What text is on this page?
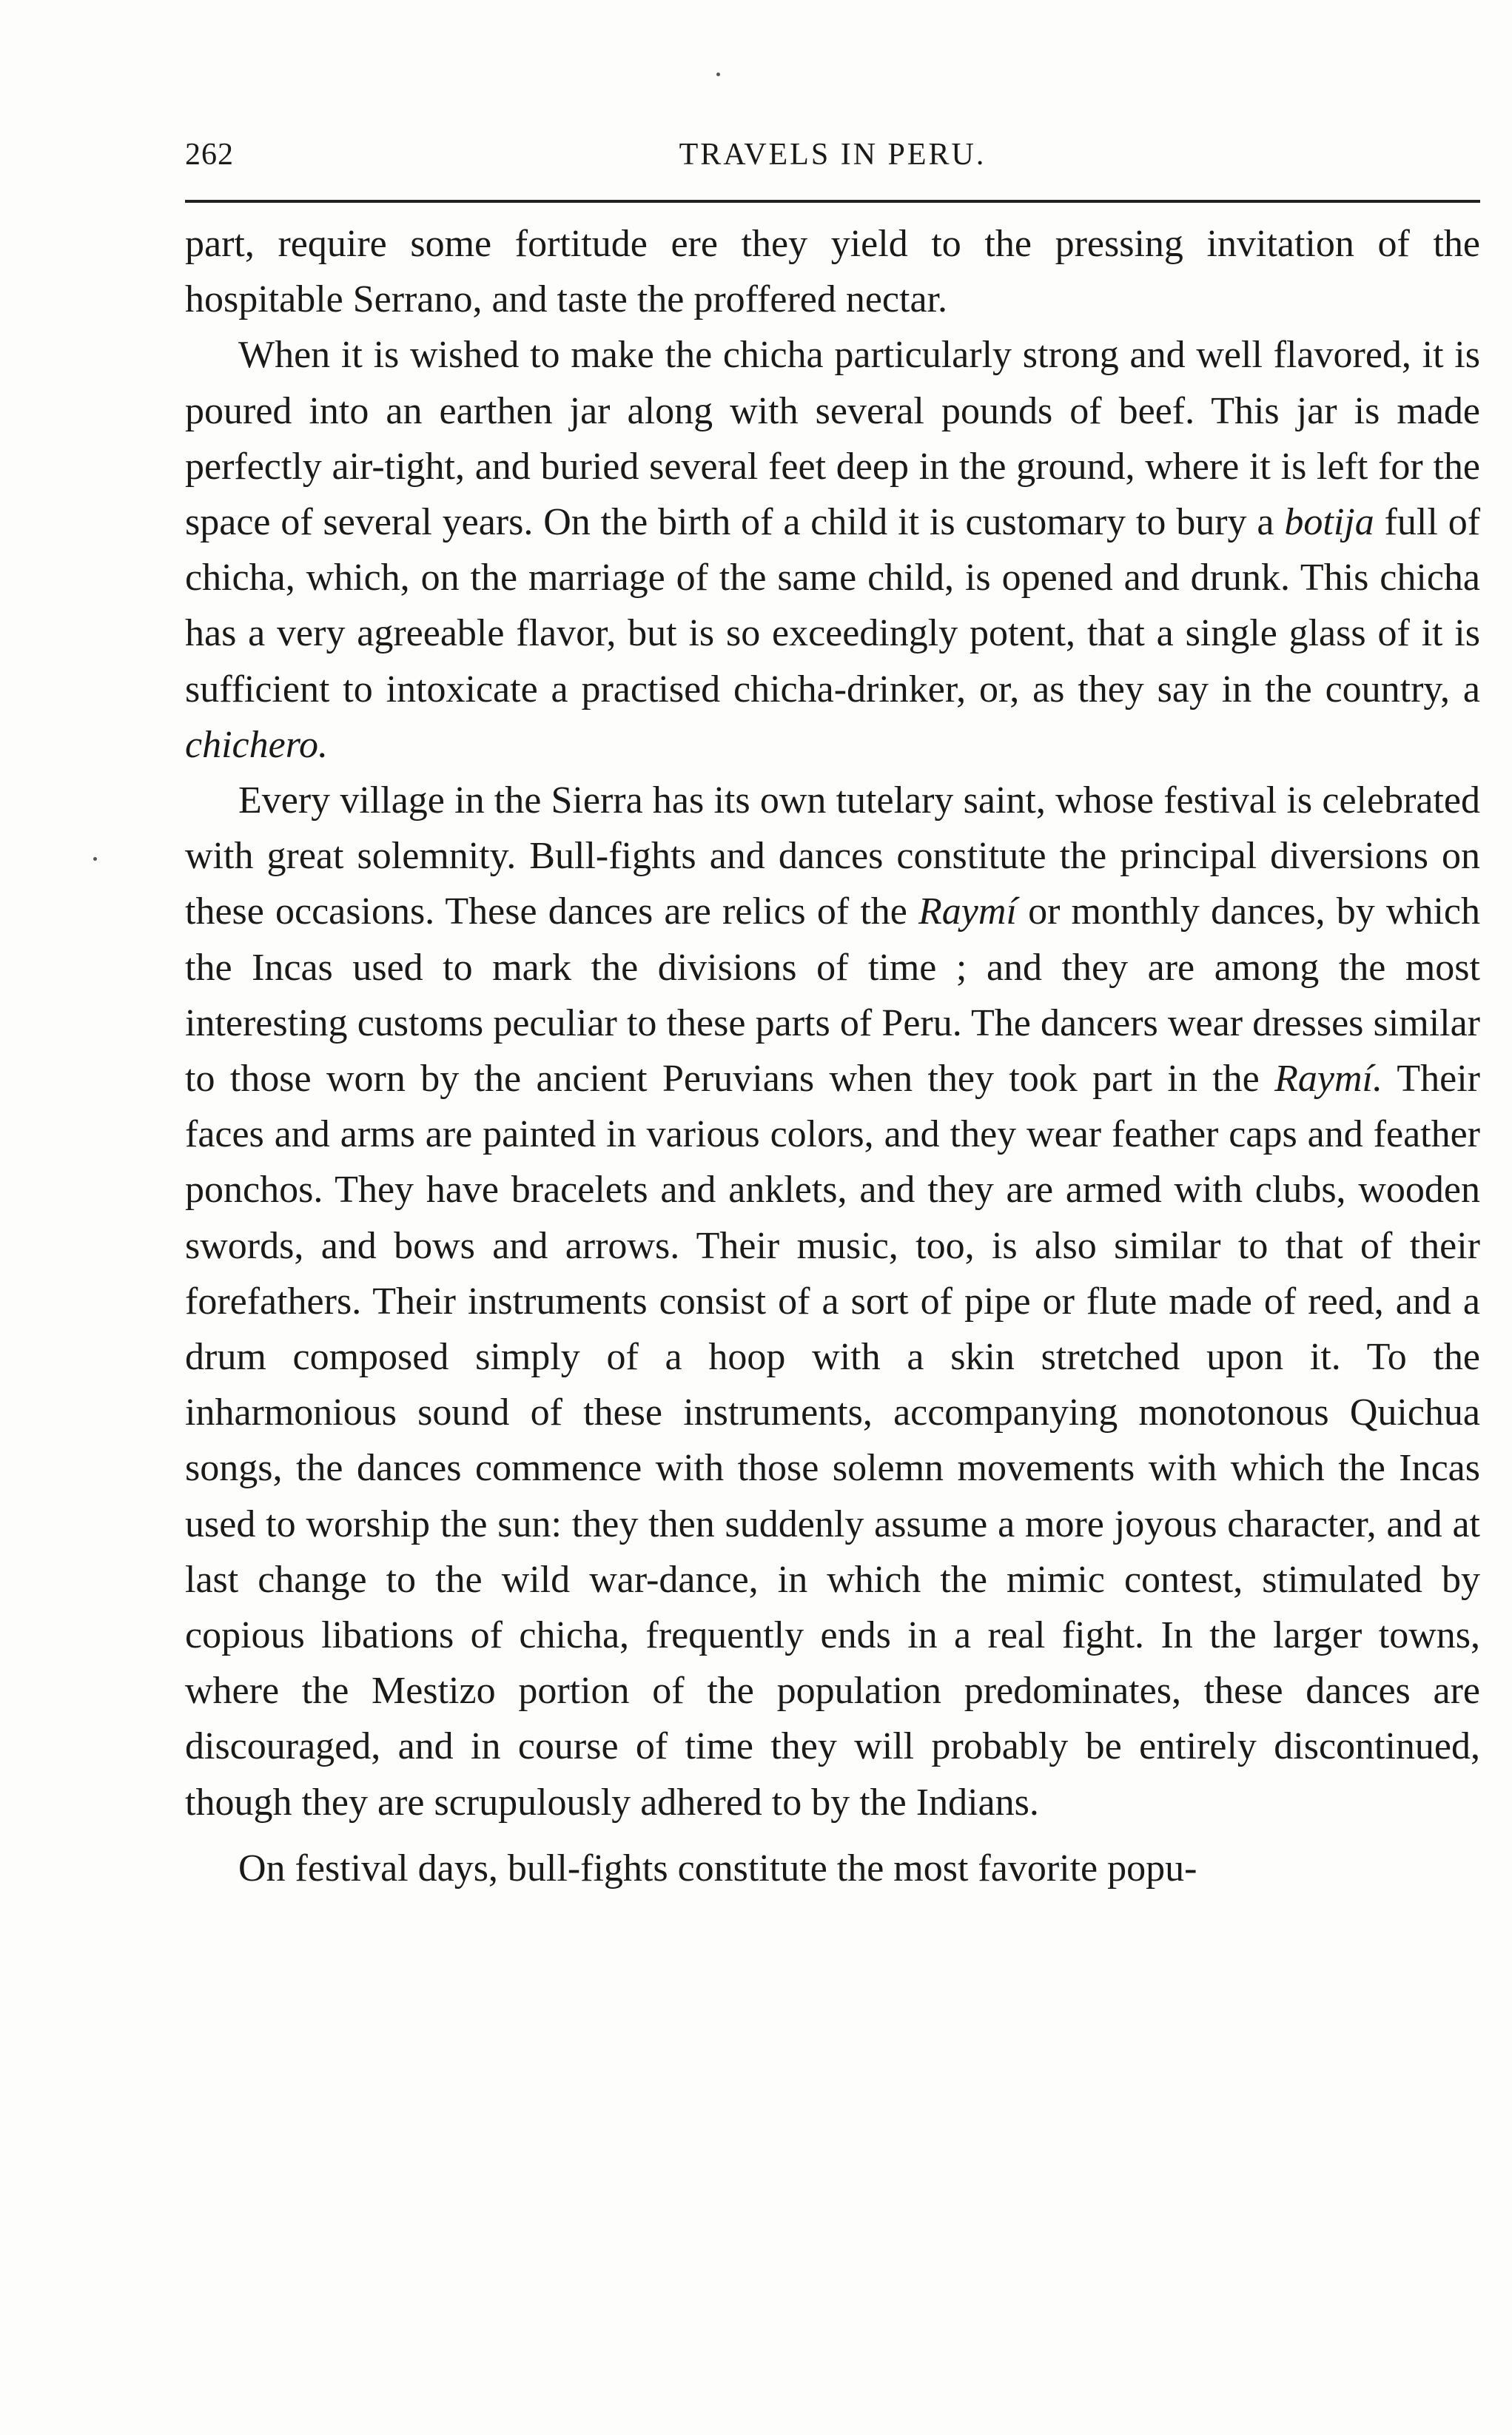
262	TRAVELS IN PERU.

part, require some fortitude ere they yield to the pressing invitation of the hospitable Serrano, and taste the proffered nectar.

When it is wished to make the chicha particularly strong and well flavored, it is poured into an earthen jar along with several pounds of beef. This jar is made perfectly air-tight, and buried several feet deep in the ground, where it is left for the space of several years. On the birth of a child it is customary to bury a botija full of chicha, which, on the marriage of the same child, is opened and drunk. This chicha has a very agreeable flavor, but is so exceedingly potent, that a single glass of it is sufficient to intoxicate a practised chicha-drinker, or, as they say in the country, a chichero.

Every village in the Sierra has its own tutelary saint, whose festival is celebrated with great solemnity. Bull-fights and dances constitute the principal diversions on these occasions. These dances are relics of the Raymí or monthly dances, by which the Incas used to mark the divisions of time ; and they are among the most interesting customs peculiar to these parts of Peru. The dancers wear dresses similar to those worn by the ancient Peruvians when they took part in the Raymí. Their faces and arms are painted in various colors, and they wear feather caps and feather ponchos. They have bracelets and anklets, and they are armed with clubs, wooden swords, and bows and arrows. Their music, too, is also similar to that of their forefathers. Their instruments consist of a sort of pipe or flute made of reed, and a drum composed simply of a hoop with a skin stretched upon it. To the inharmonious sound of these instruments, accompanying monotonous Quichua songs, the dances commence with those solemn movements with which the Incas used to worship the sun: they then suddenly assume a more joyous character, and at last change to the wild war-dance, in which the mimic contest, stimulated by copious libations of chicha, frequently ends in a real fight. In the larger towns, where the Mestizo portion of the population predominates, these dances are discouraged, and in course of time they will probably be entirely discontinued, though they are scrupulously adhered to by the Indians.

On festival days, bull-fights constitute the most favorite popu-
